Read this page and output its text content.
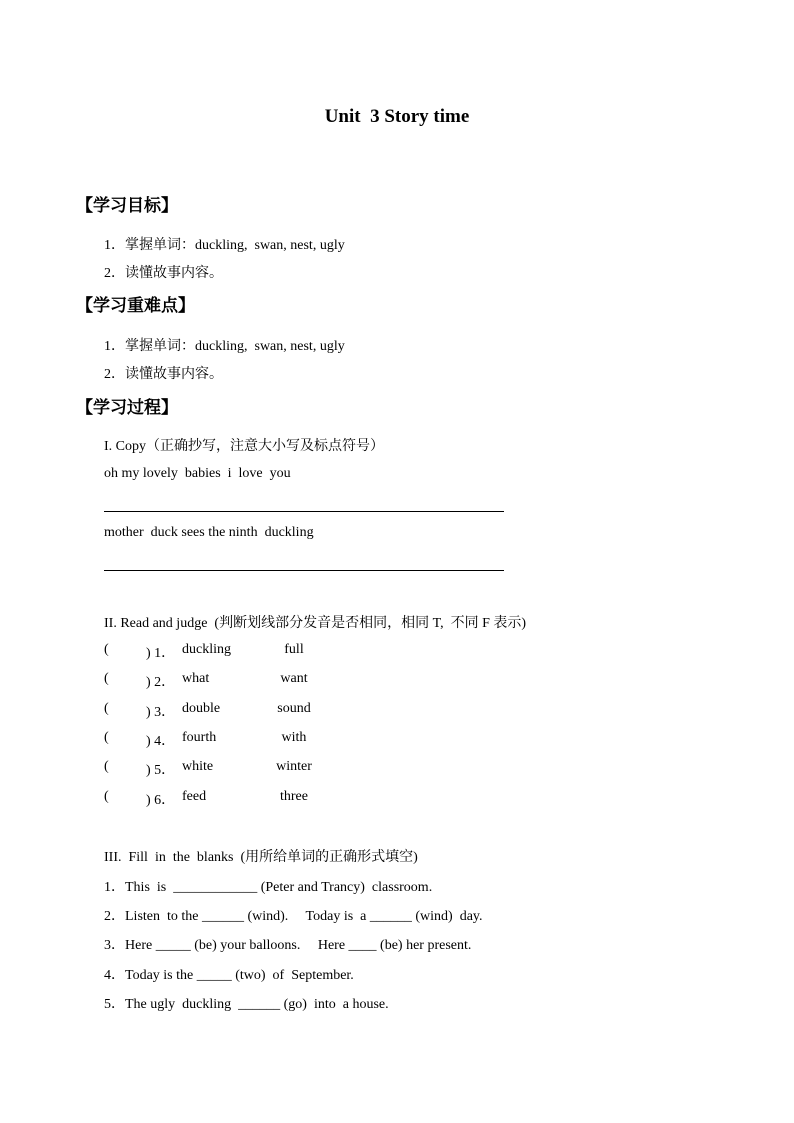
Unit  3 Story time
【学习目标】
1．掌握单词：duckling,  swan, nest, ugly
2．读懂故事内容。
【学习重难点】
1．掌握单词：duckling,  swan, nest, ugly
2．读懂故事内容。
【学习过程】
I. Copy（正确抄写，注意大小写及标点符号）
oh my lovely  babies  i  love  you
mother  duck sees the ninth  duckling
II. Read and judge  (判断划线部分发音是否相同，相同 T,  不同 F 表示)
(	) 1． duckling	full
(	) 2． what	want
(	) 3． double	sound
(	) 4． fourth	with
(	) 5． white	winter
(	) 6． feed	three
III.  Fill  in  the  blanks  (用所给单词的正确形式填空)
1．This  is  ____________ (Peter and Trancy)  classroom.
2．Listen  to the ______ (wind).     Today is  a ______ (wind)  day.
3．Here _____ (be) your balloons.     Here ____ (be) her present.
4．Today is the _____ (two)  of  September.
5．The ugly  duckling  ______ (go)  into  a house.
